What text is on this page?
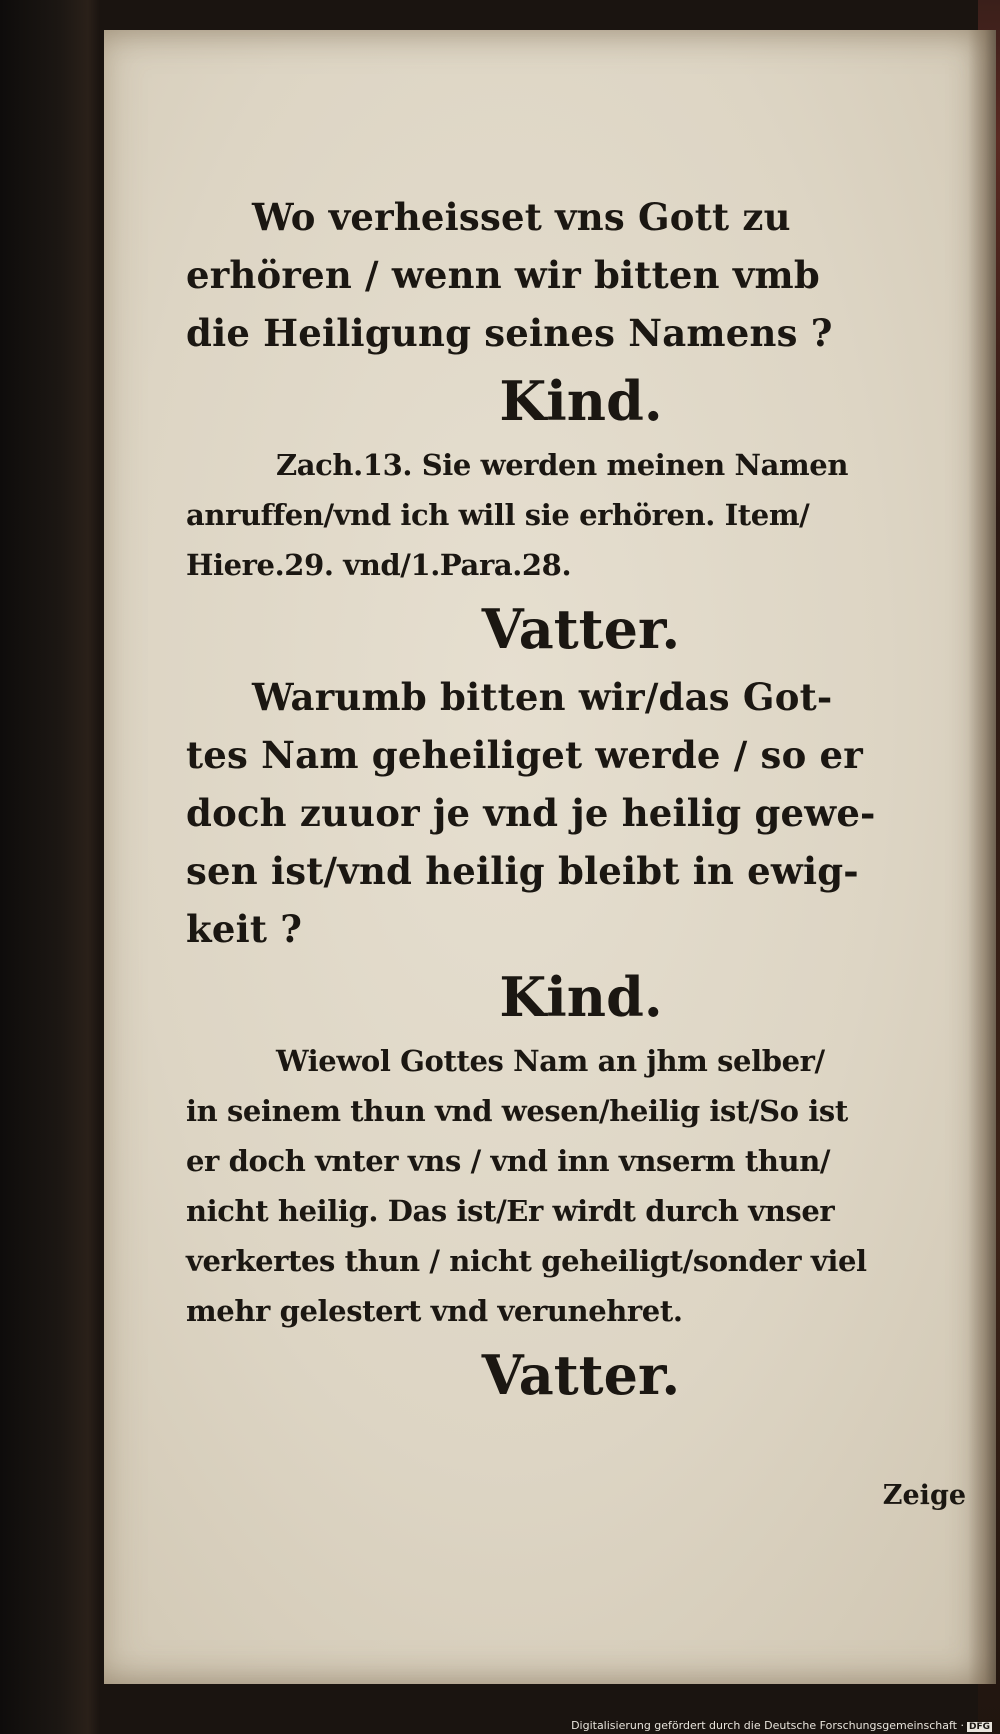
Wo verheisset vns Gott zu
erhören / wenn wir bitten vmb
die Heiligung seines Namens ?
Kind.
Zach.13. Sie werden meinen Namen
anruffen/vnd ich will sie erhören. Item/
Hiere.29. vnd/1.Para.28.
Vatter.
Warumb bitten wir/das Got-
tes Nam geheiliget werde / so er
doch zuuor je vnd je heilig gewe-
sen ist/vnd heilig bleibt in ewig-
keit ?
Kind.
Wiewol Gottes Nam an jhm selber/
in seinem thun vnd wesen/heilig ist/So ist
er doch vnter vns / vnd inn vnserm thun/
nicht heilig. Das ist/Er wirdt durch vnser
verkertes thun / nicht geheiligt/sonder viel
mehr gelestert vnd verunehret.
Vatter.
Zeige
Digitalisierung gefördert durch die Deutsche Forschungsgemeinschaft · DFG
